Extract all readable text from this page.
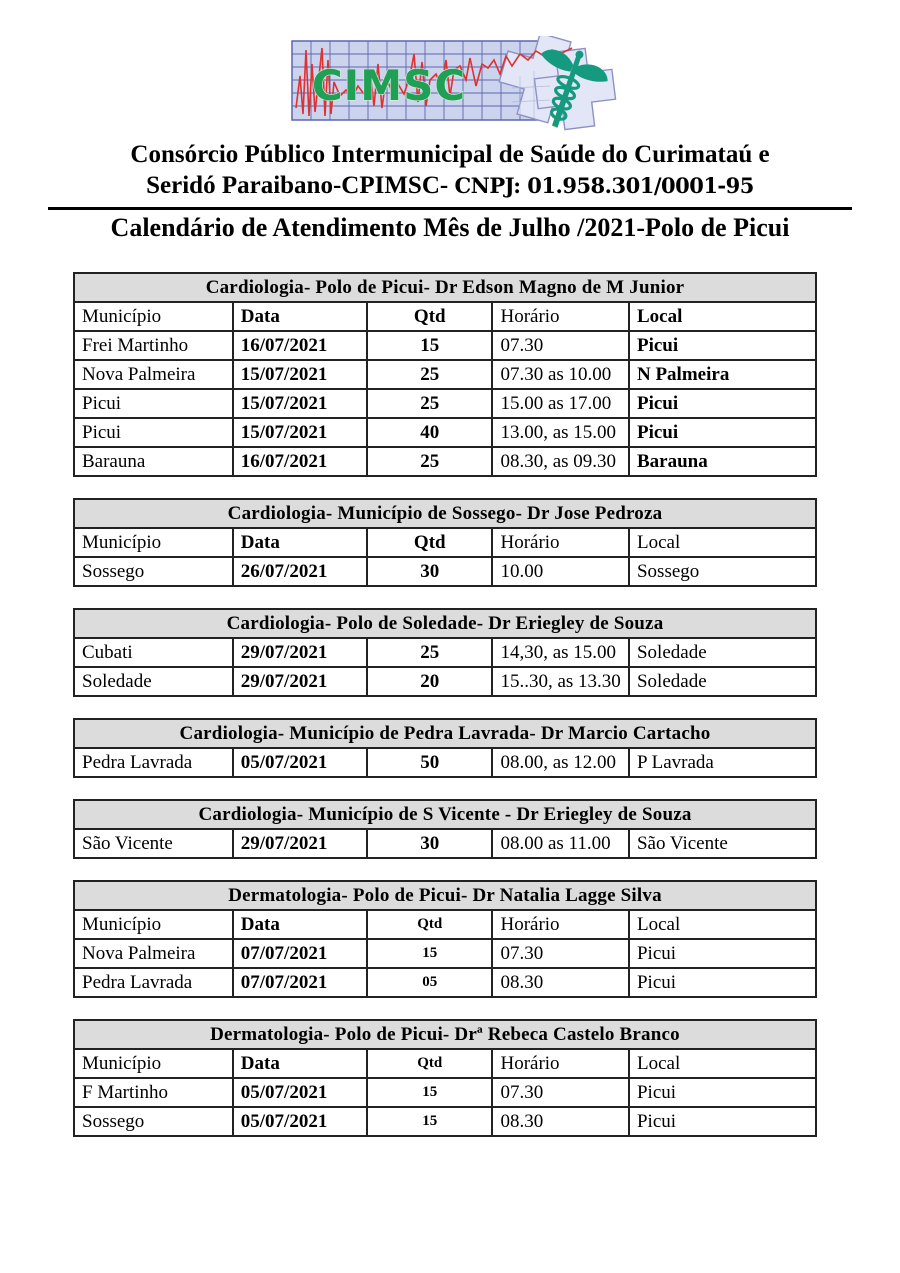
CIMSC
Consórcio Público Intermunicipal de Saúde do Curimataú e
Seridó Paraibano-CPIMSC- CNPJ: 01.958.301/0001-95
Calendário de Atendimento Mês de Julho /2021-Polo de Picui
Cardiologia- Polo de Picui- Dr Edson Magno de M Junior				
Município	Data	Qtd	Horário	Local
Frei Martinho	16/07/2021	15	07.30	Picui
Nova Palmeira	15/07/2021	25	07.30 as 10.00	N Palmeira
Picui	15/07/2021	25	15.00 as 17.00	Picui
Picui	15/07/2021	40	13.00, as 15.00	Picui
Barauna	16/07/2021	25	08.30, as 09.30	Barauna
Cardiologia- Município de Sossego- Dr Jose Pedroza				
Município	Data	Qtd	Horário	Local
Sossego	26/07/2021	30	10.00	Sossego
Cardiologia- Polo de Soledade- Dr Eriegley de Souza				
Cubati	29/07/2021	25	14,30, as 15.00	Soledade
Soledade	29/07/2021	20	15..30, as 13.30	Soledade
Cardiologia- Município de Pedra Lavrada- Dr Marcio Cartacho
Pedra Lavrada	05/07/2021	50	08.00, as 12.00	P Lavrada
Cardiologia- Município de S Vicente - Dr Eriegley de Souza
São Vicente	29/07/2021	30	08.00 as 11.00	São Vicente
Dermatologia- Polo de Picui- Dr Natalia Lagge Silva				
Município	Data	Qtd	Horário	Local
Nova Palmeira	07/07/2021	15	07.30	Picui
Pedra Lavrada	07/07/2021	05	08.30	Picui
Dermatologia- Polo de Picui- Drª Rebeca Castelo Branco				
Município	Data	Qtd	Horário	Local
F Martinho	05/07/2021	15	07.30	Picui
Sossego	05/07/2021	15	08.30	Picui
